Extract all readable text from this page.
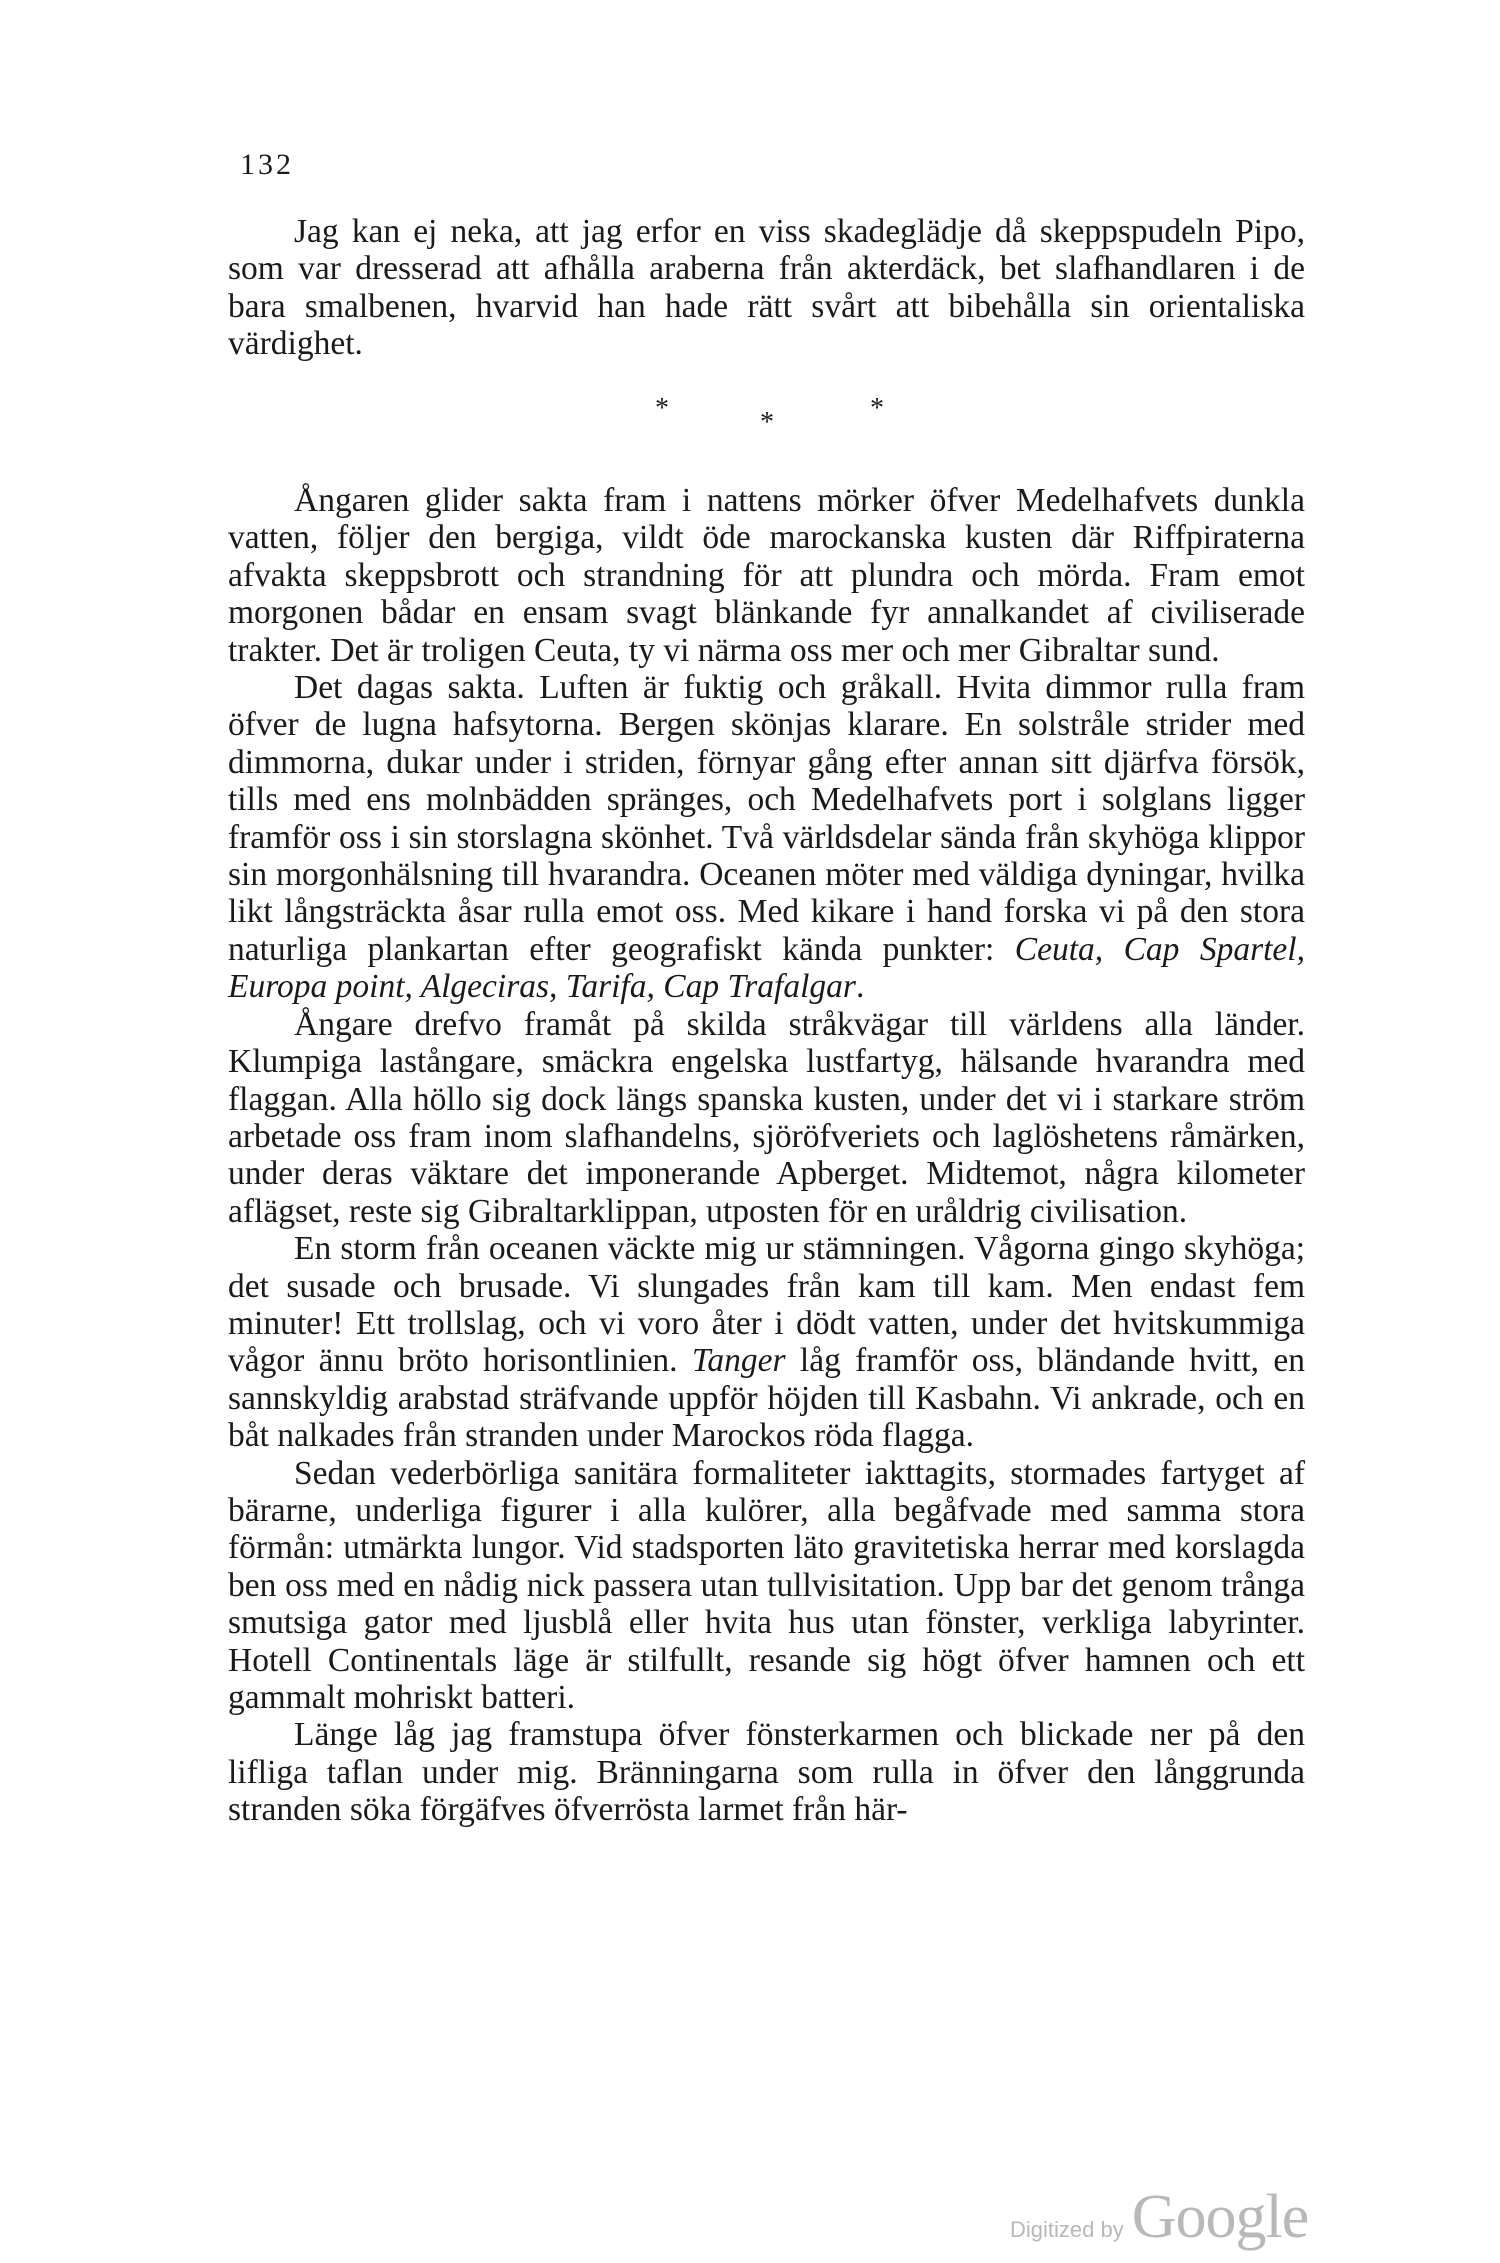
132

Jag kan ej neka, att jag erfor en viss skadeglädje då skeppspudeln Pipo, som var dresserad att afhålla araberna från akterdäck, bet slafhandlaren i de bara smalbenen, hvarvid han hade rätt svårt att bibehålla sin orientaliska värdighet.

*	*	*

Ångaren glider sakta fram i nattens mörker öfver Medelhafvets dunkla vatten, följer den bergiga, vildt öde marockanska kusten där Riffpiraterna afvakta skeppsbrott och strandning för att plundra och mörda. Fram emot morgonen bådar en ensam svagt blänkande fyr annalkandet af civiliserade trakter. Det är troligen Ceuta, ty vi närma oss mer och mer Gibraltar sund.

Det dagas sakta. Luften är fuktig och gråkall. Hvita dimmor rulla fram öfver de lugna hafsytorna. Bergen skönjas klarare. En solstråle strider med dimmorna, dukar under i striden, förnyar gång efter annan sitt djärfva försök, tills med ens molnbädden spränges, och Medelhafvets port i solglans ligger framför oss i sin storslagna skönhet. Två världsdelar sända från skyhöga klippor sin morgonhälsning till hvarandra. Oceanen möter med väldiga dyningar, hvilka likt långsträckta åsar rulla emot oss. Med kikare i hand forska vi på den stora naturliga plankartan efter geografiskt kända punkter: Ceuta, Cap Spartel, Europa point, Algeciras, Tarifa, Cap Trafalgar.

Ångare drefvo framåt på skilda stråkvägar till världens alla länder. Klumpiga lastångare, smäckra engelska lustfartyg, hälsande hvarandra med flaggan. Alla höllo sig dock längs spanska kusten, under det vi i starkare ström arbetade oss fram inom slafhandelns, sjöröfveriets och laglöshetens råmärken, under deras väktare det imponerande Apberget. Midtemot, några kilometer aflägset, reste sig Gibraltarklippan, utposten för en uråldrig civilisation.

En storm från oceanen väckte mig ur stämningen. Vågorna gingo skyhöga; det susade och brusade. Vi slungades från kam till kam. Men endast fem minuter! Ett trollslag, och vi voro åter i dödt vatten, under det hvitskummiga vågor ännu bröto horisontlinien. Tanger låg framför oss, bländande hvitt, en sannskyldig arabstad sträfvande uppför höjden till Kasbahn. Vi ankrade, och en båt nalkades från stranden under Marockos röda flagga.

Sedan vederbörliga sanitära formaliteter iakttagits, stormades fartyget af bärarne, underliga figurer i alla kulörer, alla begåfvade med samma stora förmån: utmärkta lungor. Vid stadsporten läto gravitetiska herrar med korslagda ben oss med en nådig nick passera utan tullvisitation. Upp bar det genom trånga smutsiga gator med ljusblå eller hvita hus utan fönster, verkliga labyrinter. Hotell Continentals läge är stilfullt, resande sig högt öfver hamnen och ett gammalt mohriskt batteri.

Länge låg jag framstupa öfver fönsterkarmen och blickade ner på den lifliga taflan under mig. Bränningarna som rulla in öfver den långgrunda stranden söka förgäfves öfverrösta larmet från här-

Digitized by Google
